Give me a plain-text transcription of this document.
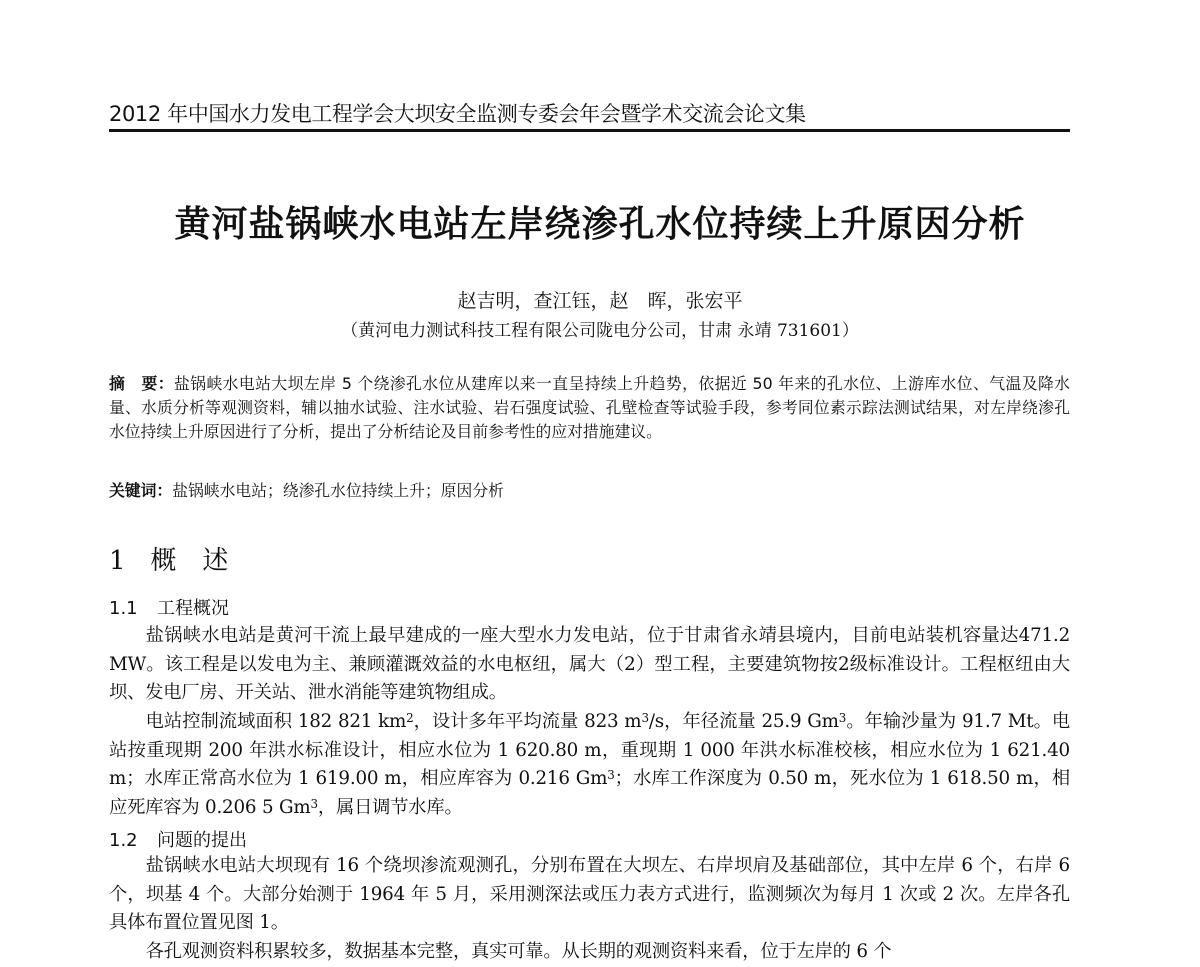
2012 年中国水力发电工程学会大坝安全监测专委会年会暨学术交流会论文集
黄河盐锅峡水电站左岸绕渗孔水位持续上升原因分析
赵吉明，查江钰，赵　晖，张宏平
（黄河电力测试科技工程有限公司陇电分公司，甘肃 永靖 731601）
摘　要：盐锅峡水电站大坝左岸 5 个绕渗孔水位从建库以来一直呈持续上升趋势，依据近 50 年来的孔水位、上游库水位、气温及降水量、水质分析等观测资料，辅以抽水试验、注水试验、岩石强度试验、孔壁检查等试验手段，参考同位素示踪法测试结果，对左岸绕渗孔水位持续上升原因进行了分析，提出了分析结论及目前参考性的应对措施建议。
关键词：盐锅峡水电站；绕渗孔水位持续上升；原因分析
1 概　述
1.1 工程概况

盐锅峡水电站是黄河干流上最早建成的一座大型水力发电站，位于甘肃省永靖县境内，目前电站装机容量达471.2 MW。该工程是以发电为主、兼顾灌溉效益的水电枢纽，属大（2）型工程，主要建筑物按2级标准设计。工程枢纽由大坝、发电厂房、开关站、泄水消能等建筑物组成。

电站控制流域面积 182 821 $km^2$，设计多年平均流量 823 $m^3/s$，年径流量 25.9 Gm$^3$。年输沙量为 91.7 Mt。电站按重现期 200 年洪水标准设计，相应水位为 1 620.80 m，重现期 1 000 年洪水标准校核，相应水位为 1 621.40 m；水库正常高水位为 1 619.00 m，相应库容为 0.216 Gm$^3$；水库工作深度为 0.50 m，死水位为 1 618.50 m，相应死库容为 0.206 5 Gm$^3$，属日调节水库。

1.2 问题的提出

盐锅峡水电站大坝现有 16 个绕坝渗流观测孔，分别布置在大坝左、右岸坝肩及基础部位，其中左岸 6 个，右岸 6 个，坝基 4 个。大部分始测于 1964 年 5 月，采用测深法或压力表方式进行，监测频次为每月 1 次或 2 次。左岸各孔具体布置位置见图 1。

各孔观测资料积累较多，数据基本完整，真实可靠。从长期的观测资料来看，位于左岸的 6 个
